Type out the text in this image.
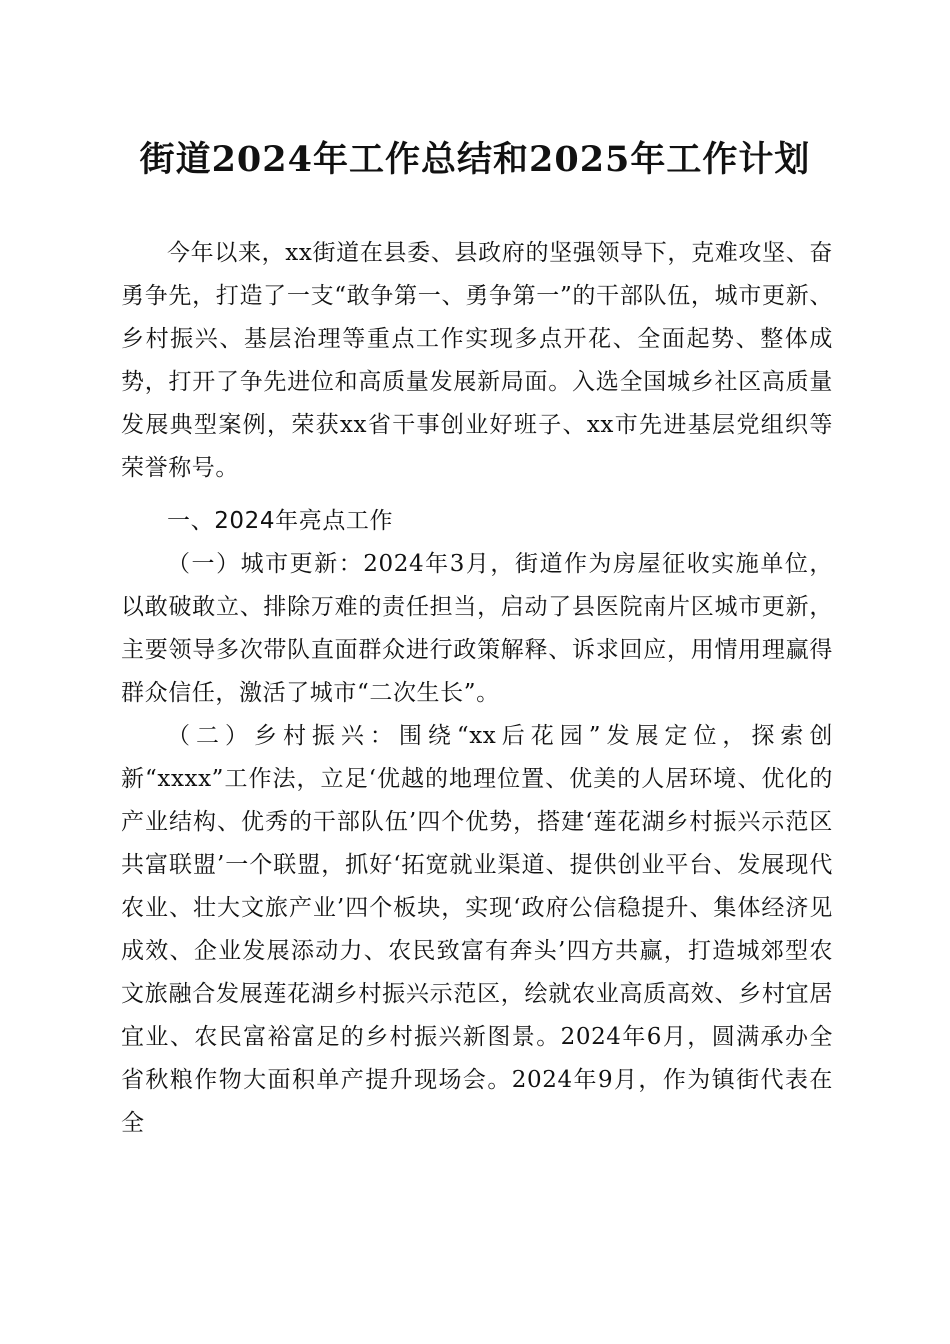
街道2024年工作总结和2025年工作计划

今年以来，xx街道在县委、县政府的坚强领导下，克难攻坚、奋勇争先，打造了一支“敢争第一、勇争第一”的干部队伍，城市更新、乡村振兴、基层治理等重点工作实现多点开花、全面起势、整体成势，打开了争先进位和高质量发展新局面。入选全国城乡社区高质量发展典型案例，荣获xx省干事创业好班子、xx市先进基层党组织等荣誉称号。

一、2024年亮点工作

（一）城市更新：2024年3月，街道作为房屋征收实施单位，以敢破敢立、排除万难的责任担当，启动了县医院南片区城市更新，主要领导多次带队直面群众进行政策解释、诉求回应，用情用理赢得群众信任，激活了城市“二次生长”。

（二）乡村振兴：围绕“xx后花园”发展定位，探索创新“xxxx”工作法，立足‘优越的地理位置、优美的人居环境、优化的产业结构、优秀的干部队伍’四个优势，搭建‘莲花湖乡村振兴示范区共富联盟’一个联盟，抓好‘拓宽就业渠道、提供创业平台、发展现代农业、壮大文旅产业’四个板块，实现‘政府公信稳提升、集体经济见成效、企业发展添动力、农民致富有奔头’四方共赢，打造城郊型农文旅融合发展莲花湖乡村振兴示范区，绘就农业高质高效、乡村宜居宜业、农民富裕富足的乡村振兴新图景。2024年6月，圆满承办全省秋粮作物大面积单产提升现场会。2024年9月，作为镇街代表在全
